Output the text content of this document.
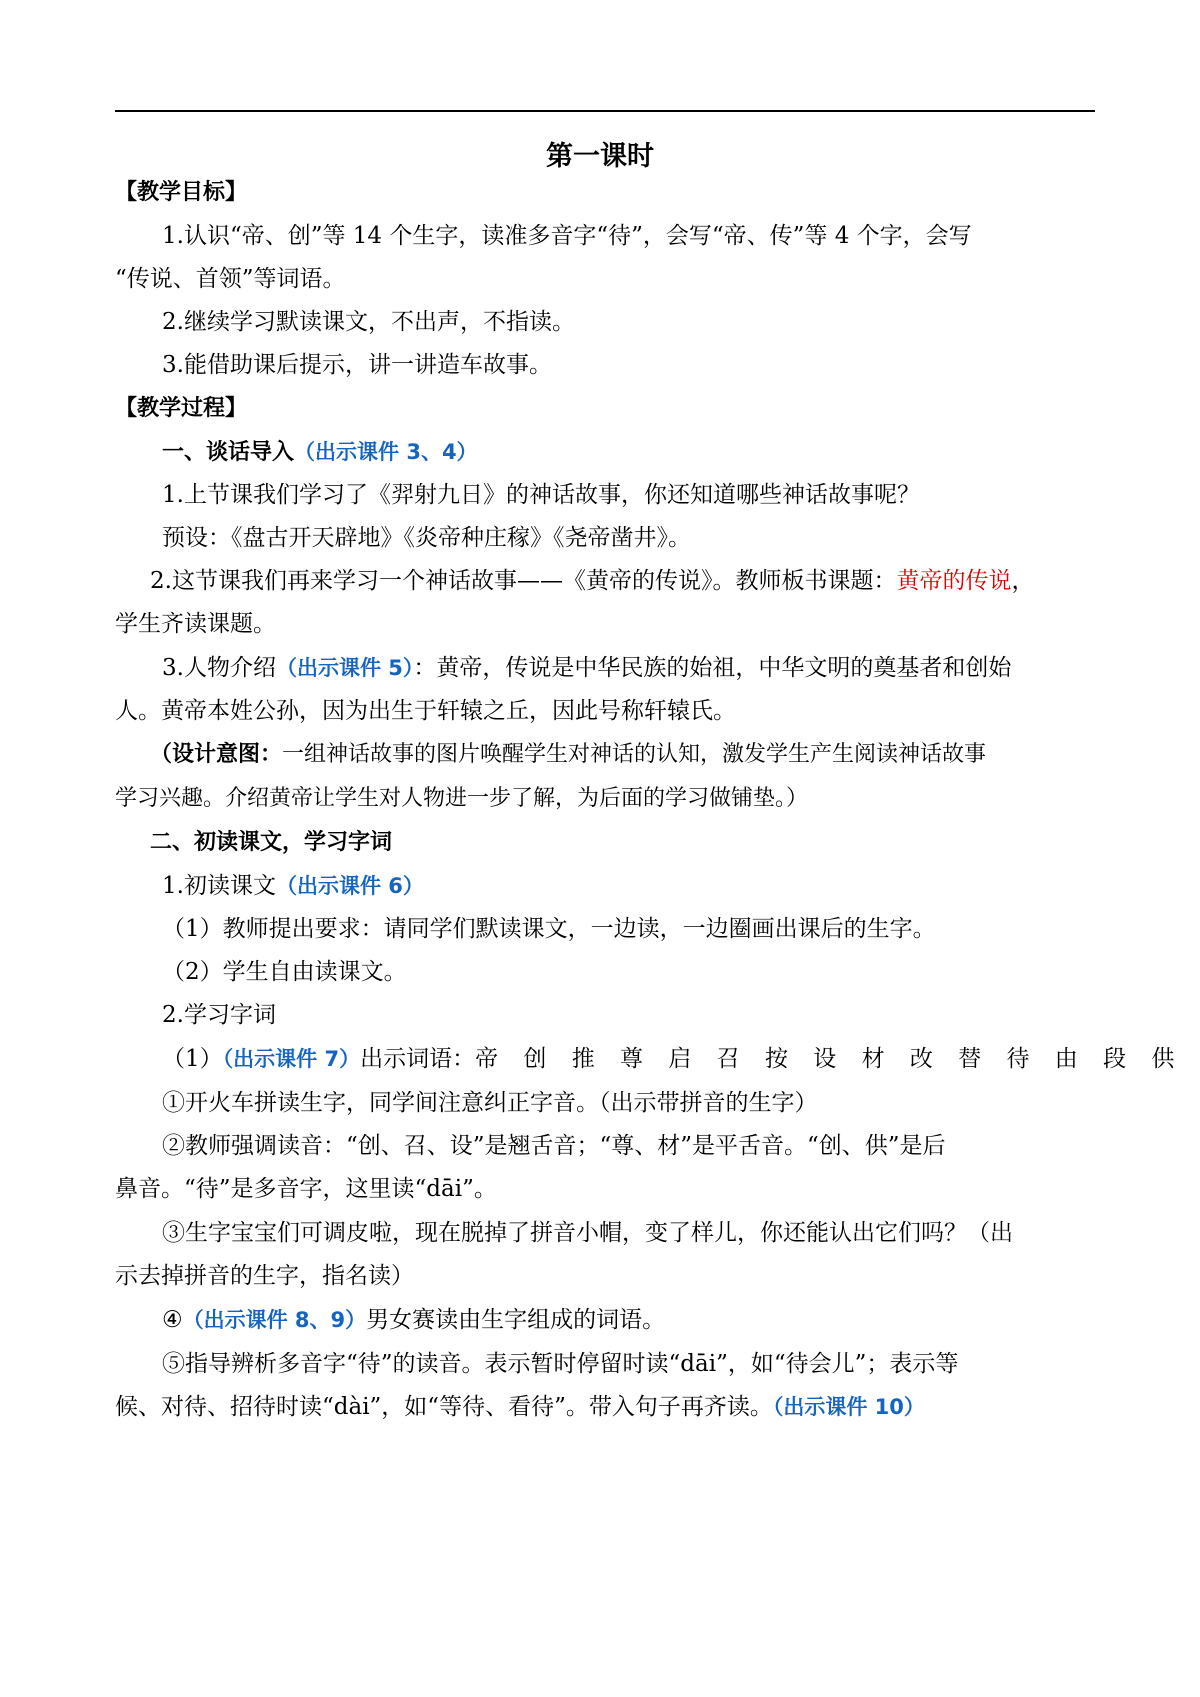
第一课时
【教学目标】
1.认识“帝、创”等 14 个生字，读准多音字“待”，会写“帝、传”等 4 个字，会写
“传说、首领”等词语。
2.继续学习默读课文，不出声，不指读。
3.能借助课后提示，讲一讲造车故事。
【教学过程】
一、谈话导入（出示课件 3、4）
1.上节课我们学习了《羿射九日》的神话故事，你还知道哪些神话故事呢？
预设：《盘古开天辟地》《炎帝种庄稼》《尧帝凿井》。
2.这节课我们再来学习一个神话故事——《黄帝的传说》。教师板书课题：黄帝的传说，
学生齐读课题。
3.人物介绍（出示课件 5）：黄帝，传说是中华民族的始祖，中华文明的奠基者和创始
人。黄帝本姓公孙，因为出生于轩辕之丘，因此号称轩辕氏。
（设计意图：一组神话故事的图片唤醒学生对神话的认知，激发学生产生阅读神话故事
学习兴趣。介绍黄帝让学生对人物进一步了解，为后面的学习做铺垫。）
二、初读课文，学习字词
1.初读课文（出示课件 6）
（1）教师提出要求：请同学们默读课文，一边读，一边圈画出课后的生字。
（2）学生自由读课文。
2.学习字词
（1）（出示课件 7）出示词语：帝 创 推 尊 启 召 按 设 材 改 替 待 由 段 供
①开火车拼读生字，同学间注意纠正字音。（出示带拼音的生字）
②教师强调读音：“创、召、设”是翘舌音；“尊、材”是平舌音。“创、供”是后
鼻音。“待”是多音字，这里读“dāi”。
③生字宝宝们可调皮啦，现在脱掉了拼音小帽，变了样儿，你还能认出它们吗？（出
示去掉拼音的生字，指名读）
④（出示课件 8、9）男女赛读由生字组成的词语。
⑤指导辨析多音字“待”的读音。表示暂时停留时读“dāi”，如“待会儿”；表示等
候、对待、招待时读“dài”，如“等待、看待”。带入句子再齐读。（出示课件 10）
